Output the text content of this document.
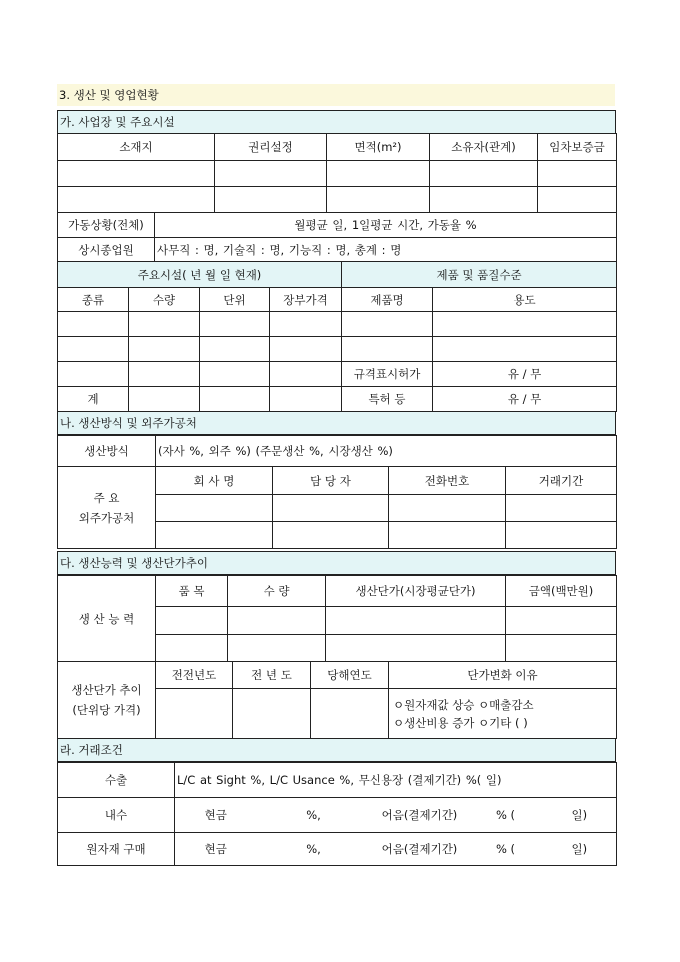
3. 생산 및 영업현황
가. 사업장 및 주요시설
소재지	권리설정	면적(m²)	소유자(관계)	임차보증금

가동상황(전체)	월평균 일, 1일평균 시간, 가동율 %
상시종업원	사무직 : 명, 기술직 : 명, 기능직 : 명, 총계 : 명
주요시설( 년 월 일 현재)				제품 및 품질수준	
종류	수량	단위	장부가격	제품명	용도

				규격표시허가	유 / 무
계				특허 등	유 / 무
나. 생산방식 및 외주가공처
생산방식	(자사 %, 외주 %) (주문생산 %, 시장생산 %)
주 요
외주가공처	회 사 명	담 당 자	전화번호	거래기간

다. 생산능력 및 생산단가추이
생 산 능 력	품 목	수 량	생산단가(시장평균단가)	금액(백만원)

생산단가 추이
(단위당 가격)	전전년도	전 년 도	당해연도	단가변화 이유

				ㅇ원자재값 상승 ㅇ매출감소
ㅇ생산비용 증가 ㅇ기타 ( )
라. 거래조건
수출	L/C at Sight %, L/C Usance %, 무신용장 (결제기간) %( 일)				
내수	현금	%,	어음(결제기간)	% (	일)
원자재 구매	현금	%,	어음(결제기간)	% (	일)
